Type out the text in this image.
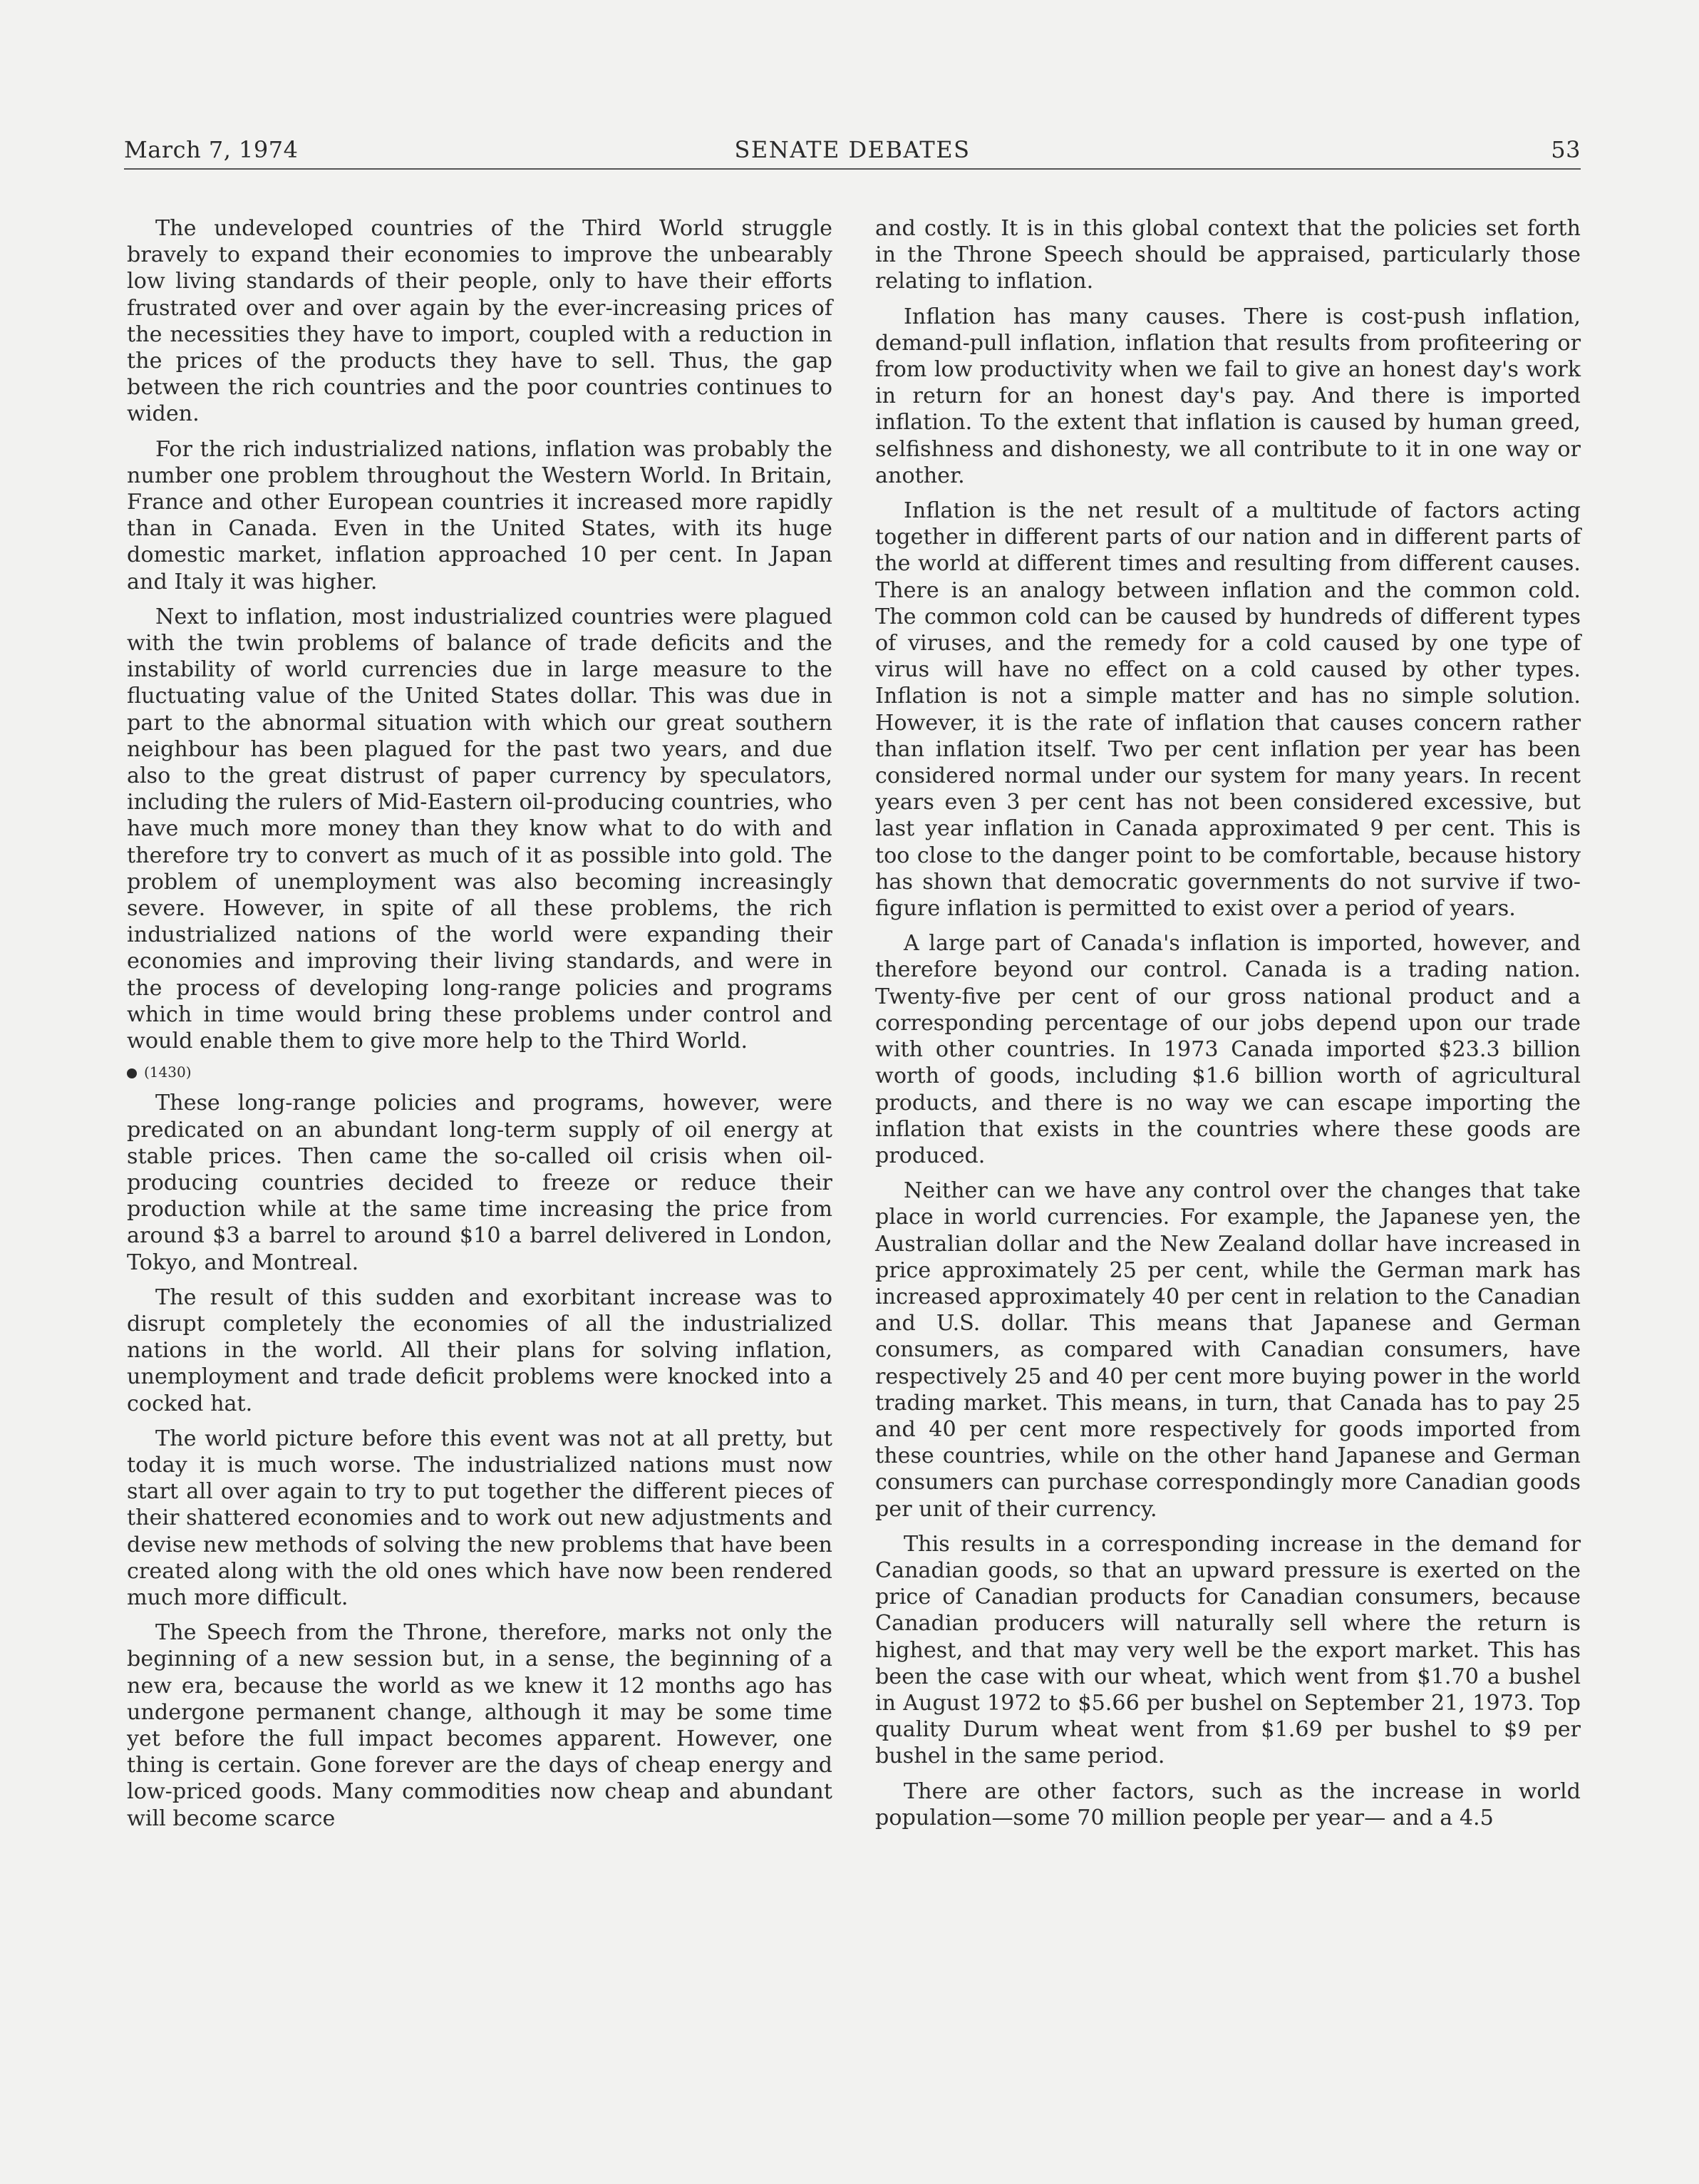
March 7, 1974	SENATE DEBATES	53

The undeveloped countries of the Third World struggle bravely to expand their economies to improve the unbearably low living standards of their people, only to have their efforts frustrated over and over again by the ever-increasing prices of the necessities they have to import, coupled with a reduction in the prices of the products they have to sell. Thus, the gap between the rich countries and the poor countries continues to widen.

For the rich industrialized nations, inflation was probably the number one problem throughout the Western World. In Britain, France and other European countries it increased more rapidly than in Canada. Even in the United States, with its huge domestic market, inflation approached 10 per cent. In Japan and Italy it was higher.

Next to inflation, most industrialized countries were plagued with the twin problems of balance of trade deficits and the instability of world currencies due in large measure to the fluctuating value of the United States dollar. This was due in part to the abnormal situation with which our great southern neighbour has been plagued for the past two years, and due also to the great distrust of paper currency by speculators, including the rulers of Mid-Eastern oil-producing countries, who have much more money than they know what to do with and therefore try to convert as much of it as possible into gold. The problem of unemployment was also becoming increasingly severe. However, in spite of all these problems, the rich industrialized nations of the world were expanding their economies and improving their living standards, and were in the process of developing long-range policies and programs which in time would bring these problems under control and would enable them to give more help to the Third World.

(1430)

These long-range policies and programs, however, were predicated on an abundant long-term supply of oil energy at stable prices. Then came the so-called oil crisis when oil-producing countries decided to freeze or reduce their production while at the same time increasing the price from around $3 a barrel to around $10 a barrel delivered in London, Tokyo, and Montreal.

The result of this sudden and exorbitant increase was to disrupt completely the economies of all the industrialized nations in the world. All their plans for solving inflation, unemployment and trade deficit problems were knocked into a cocked hat.

The world picture before this event was not at all pretty, but today it is much worse. The industrialized nations must now start all over again to try to put together the different pieces of their shattered economies and to work out new adjustments and devise new methods of solving the new problems that have been created along with the old ones which have now been rendered much more difficult.

The Speech from the Throne, therefore, marks not only the beginning of a new session but, in a sense, the beginning of a new era, because the world as we knew it 12 months ago has undergone permanent change, although it may be some time yet before the full impact becomes apparent. However, one thing is certain. Gone forever are the days of cheap energy and low-priced goods. Many commodities now cheap and abundant will become scarce

and costly. It is in this global context that the policies set forth in the Throne Speech should be appraised, particularly those relating to inflation.

Inflation has many causes. There is cost-push inflation, demand-pull inflation, inflation that results from profiteering or from low productivity when we fail to give an honest day's work in return for an honest day's pay. And there is imported inflation. To the extent that inflation is caused by human greed, selfishness and dishonesty, we all contribute to it in one way or another.

Inflation is the net result of a multitude of factors acting together in different parts of our nation and in different parts of the world at different times and resulting from different causes. There is an analogy between inflation and the common cold. The common cold can be caused by hundreds of different types of viruses, and the remedy for a cold caused by one type of virus will have no effect on a cold caused by other types. Inflation is not a simple matter and has no simple solution. However, it is the rate of inflation that causes concern rather than inflation itself. Two per cent inflation per year has been considered normal under our system for many years. In recent years even 3 per cent has not been considered excessive, but last year inflation in Canada approximated 9 per cent. This is too close to the danger point to be comfortable, because history has shown that democratic governments do not survive if two-figure inflation is permitted to exist over a period of years.

A large part of Canada's inflation is imported, however, and therefore beyond our control. Canada is a trading nation. Twenty-five per cent of our gross national product and a corresponding percentage of our jobs depend upon our trade with other countries. In 1973 Canada imported $23.3 billion worth of goods, including $1.6 billion worth of agricultural products, and there is no way we can escape importing the inflation that exists in the countries where these goods are produced.

Neither can we have any control over the changes that take place in world currencies. For example, the Japanese yen, the Australian dollar and the New Zealand dollar have increased in price approximately 25 per cent, while the German mark has increased approximately 40 per cent in relation to the Canadian and U.S. dollar. This means that Japanese and German consumers, as compared with Canadian consumers, have respectively 25 and 40 per cent more buying power in the world trading market. This means, in turn, that Canada has to pay 25 and 40 per cent more respectively for goods imported from these countries, while on the other hand Japanese and German consumers can purchase correspondingly more Canadian goods per unit of their currency.

This results in a corresponding increase in the demand for Canadian goods, so that an upward pressure is exerted on the price of Canadian products for Canadian consumers, because Canadian producers will naturally sell where the return is highest, and that may very well be the export market. This has been the case with our wheat, which went from $1.70 a bushel in August 1972 to $5.66 per bushel on September 21, 1973. Top quality Durum wheat went from $1.69 per bushel to $9 per bushel in the same period.

There are other factors, such as the increase in world population—some 70 million people per year— and a 4.5
